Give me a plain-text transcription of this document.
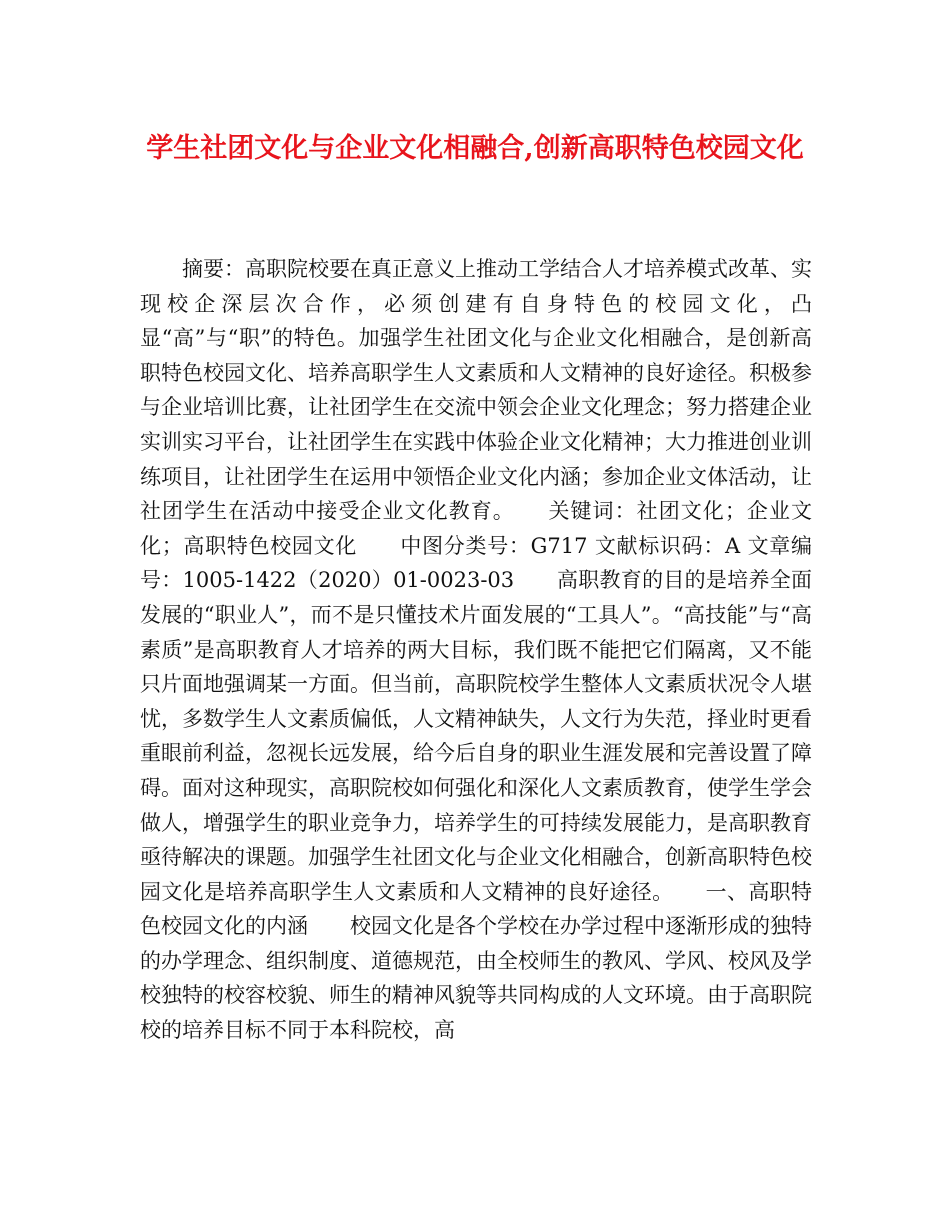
学生社团文化与企业文化相融合,创新高职特色校园文化

摘要：高职院校要在真正意义上推动工学结合人才培养模式改革、实现校企深层次合作，必须创建有自身特色的校园文化，凸显“高”与“职”的特色。加强学生社团文化与企业文化相融合，是创新高职特色校园文化、培养高职学生人文素质和人文精神的良好途径。积极参与企业培训比赛，让社团学生在交流中领会企业文化理念；努力搭建企业实训实习平台，让社团学生在实践中体验企业文化精神；大力推进创业训练项目，让社团学生在运用中领悟企业文化内涵；参加企业文体活动，让社团学生在活动中接受企业文化教育。　　关键词：社团文化；企业文化；高职特色校园文化　　中图分类号：G717 文献标识码：A 文章编号：1005-1422（2020）01-0023-03　　高职教育的目的是培养全面发展的“职业人”，而不是只懂技术片面发展的“工具人”。“高技能”与“高素质”是高职教育人才培养的两大目标，我们既不能把它们隔离，又不能只片面地强调某一方面。但当前，高职院校学生整体人文素质状况令人堪忧，多数学生人文素质偏低，人文精神缺失，人文行为失范，择业时更看重眼前利益，忽视长远发展，给今后自身的职业生涯发展和完善设置了障碍。面对这种现实，高职院校如何强化和深化人文素质教育，使学生学会做人，增强学生的职业竞争力，培养学生的可持续发展能力，是高职教育亟待解决的课题。加强学生社团文化与企业文化相融合，创新高职特色校园文化是培养高职学生人文素质和人文精神的良好途径。　　一、高职特色校园文化的内涵　　校园文化是各个学校在办学过程中逐渐形成的独特的办学理念、组织制度、道德规范，由全校师生的教风、学风、校风及学校独特的校容校貌、师生的精神风貌等共同构成的人文环境。由于高职院校的培养目标不同于本科院校，高
